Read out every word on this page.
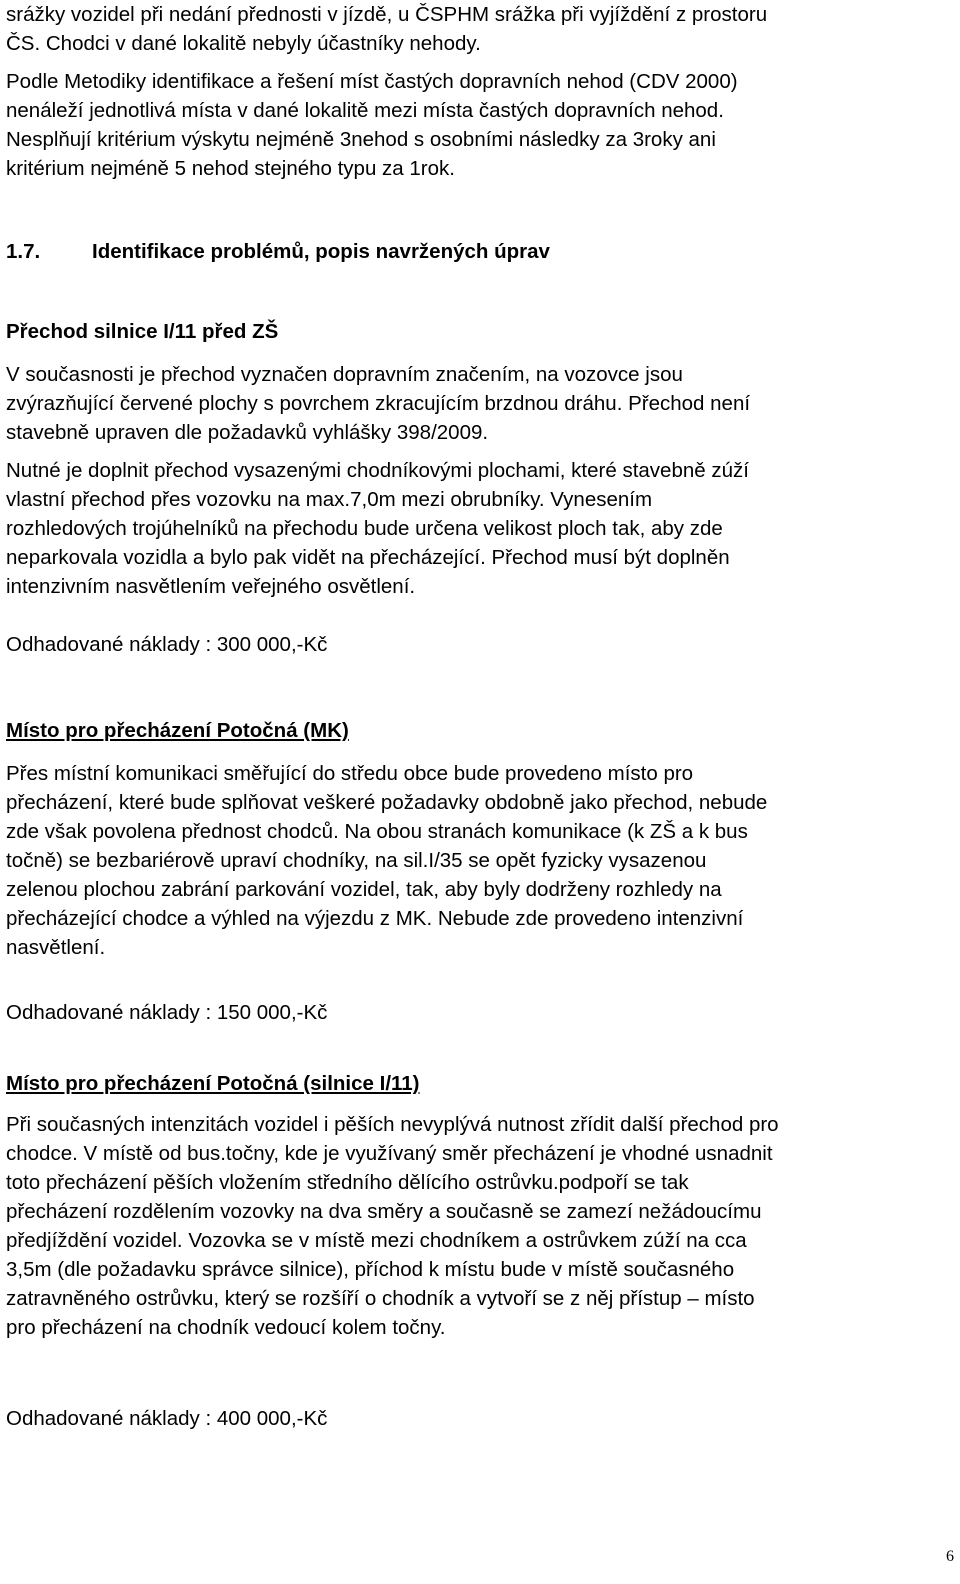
srážky vozidel při nedání přednosti v jízdě, u ČSPHM srážka při vyjíždění z prostoru
ČS. Chodci v dané lokalitě nebyly účastníky nehody.

Podle Metodiky identifikace a řešení míst častých dopravních nehod (CDV 2000)
nenáleží jednotlivá místa v dané lokalitě mezi místa častých dopravních nehod.
Nesplňují kritérium výskytu nejméně 3nehod s osobními následky za 3roky ani
kritérium nejméně 5 nehod stejného typu za 1rok.

1.7.	Identifikace problémů, popis navržených úprav

Přechod silnice I/11 před ZŠ

V současnosti je přechod vyznačen dopravním značením, na vozovce jsou
zvýrazňující červené plochy s povrchem zkracujícím brzdnou dráhu. Přechod není
stavebně upraven dle požadavků vyhlášky 398/2009.

Nutné je doplnit přechod vysazenými chodníkovými plochami, které stavebně zúží
vlastní přechod přes vozovku na max.7,0m mezi obrubníky. Vynesením
rozhledových trojúhelníků na přechodu bude určena velikost ploch tak, aby zde
neparkovala vozidla a bylo pak vidět na přecházející. Přechod musí být doplněn
intenzivním nasvětlením veřejného osvětlení.

Odhadované náklady : 300 000,-Kč

Místo pro přecházení Potočná (MK)

Přes místní komunikaci směřující do středu obce bude provedeno místo pro
přecházení, které bude splňovat veškeré požadavky obdobně jako přechod, nebude
zde však povolena přednost chodců. Na obou stranách komunikace (k ZŠ a k bus
točně) se bezbariérově upraví chodníky, na sil.I/35 se opět fyzicky vysazenou
zelenou plochou zabrání parkování vozidel, tak, aby byly dodrženy rozhledy na
přecházející chodce a výhled na výjezdu z MK. Nebude zde provedeno intenzivní
nasvětlení.

Odhadované náklady : 150 000,-Kč

Místo pro přecházení Potočná (silnice I/11)

Při současných intenzitách vozidel i pěších nevyplývá nutnost zřídit další přechod pro
chodce. V místě od bus.točny, kde je využívaný směr přecházení je vhodné usnadnit
toto přecházení pěších vložením středního dělícího ostrůvku.podpoří se tak
přecházení rozdělením vozovky na dva směry a současně se zamezí nežádoucímu
předjíždění vozidel. Vozovka se v místě mezi chodníkem a ostrůvkem zúží na cca
3,5m (dle požadavku správce silnice), příchod k místu bude v místě současného
zatravněného ostrůvku, který se rozšíří o chodník a vytvoří se z něj přístup – místo
pro přecházení na chodník vedoucí kolem točny.

Odhadované náklady : 400 000,-Kč

6
